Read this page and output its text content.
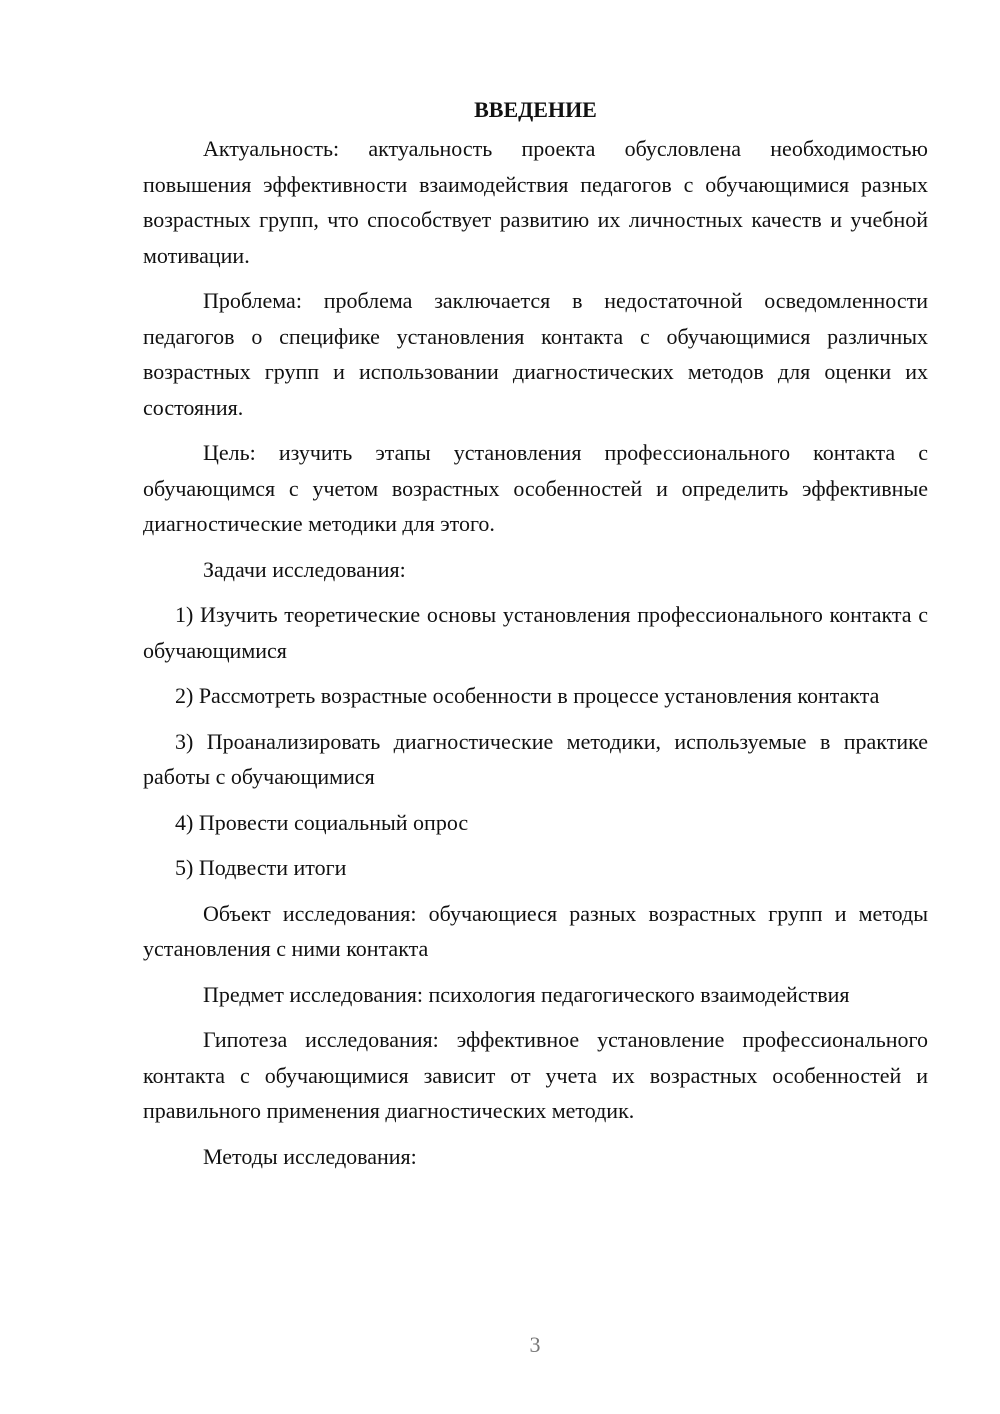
ВВЕДЕНИЕ

Актуальность: актуальность проекта обусловлена необходимостью повышения эффективности взаимодействия педагогов с обучающимися разных возрастных групп, что способствует развитию их личностных качеств и учебной мотивации.

Проблема: проблема заключается в недостаточной осведомленности педагогов о специфике установления контакта с обучающимися различных возрастных групп и использовании диагностических методов для оценки их состояния.

Цель: изучить этапы установления профессионального контакта с обучающимся с учетом возрастных особенностей и определить эффективные диагностические методики для этого.

Задачи исследования:

1) Изучить теоретические основы установления профессионального контакта с обучающимися

2) Рассмотреть возрастные особенности в процессе установления контакта

3) Проанализировать диагностические методики, используемые в практике работы с обучающимися

4) Провести социальный опрос

5) Подвести итоги

Объект исследования: обучающиеся разных возрастных групп и методы установления с ними контакта

Предмет исследования: психология педагогического взаимодействия

Гипотеза исследования: эффективное установление профессионального контакта с обучающимися зависит от учета их возрастных особенностей и правильного применения диагностических методик.

Методы исследования:

3
